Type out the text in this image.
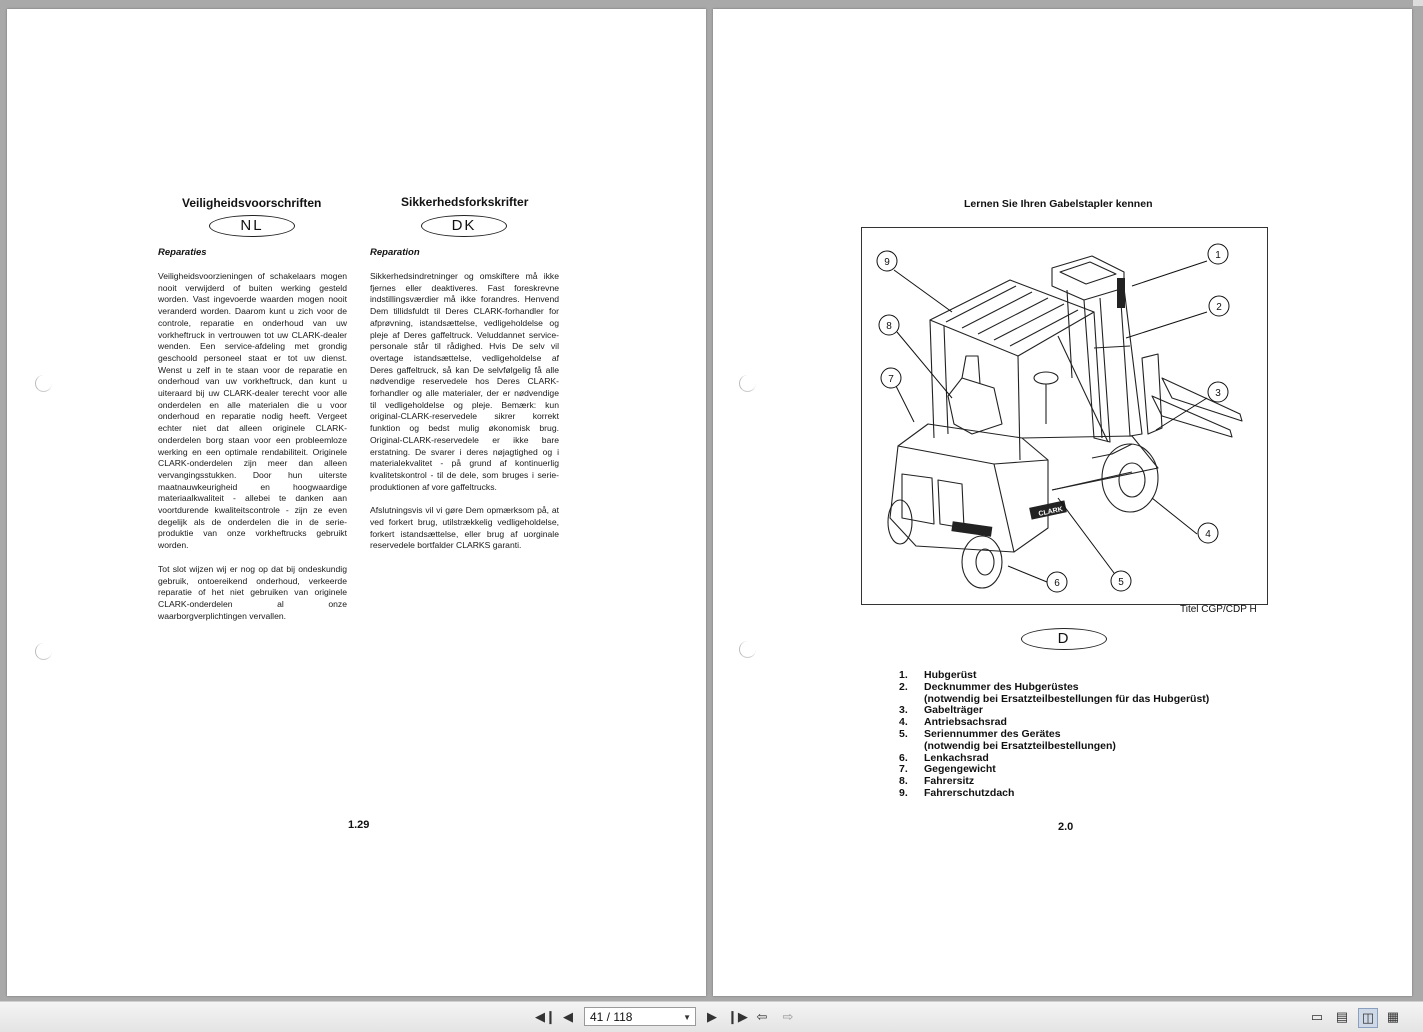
Veiligheidsvoorschriften
NL
Reparaties

Veiligheidsvoorzieningen of schakelaars mogen nooit verwijderd of buiten werking gesteld worden. Vast ingevoerde waarden mogen nooit veranderd worden. Daarom kunt u zich voor de controle, reparatie en onderhoud van uw vorkheftruck in vertrouwen tot uw CLARK-dealer wenden. Een service-afdeling met grondig geschoold personeel staat er tot uw dienst. Wenst u zelf in te staan voor de reparatie en onderhoud van uw vorkheftruck, dan kunt u uiteraard bij uw CLARK-dealer terecht voor alle onderdelen en alle materialen die u voor onderhoud en reparatie nodig heeft. Vergeet echter niet dat alleen originele CLARK-onderdelen borg staan voor een probleemloze werking en een optimale rendabiliteit. Originele CLARK-onderdelen zijn meer dan alleen vervangingsstukken. Door hun uiterste maatnauwkeurigheid en hoogwaardige materiaalkwaliteit - allebei te danken aan voortdurende kwaliteitscontrole - zijn ze even degelijk als de onderdelen die in de serie-produktie van onze vorkheftrucks gebruikt worden.

Tot slot wijzen wij er nog op dat bij ondeskundig gebruik, ontoereikend onderhoud, verkeerde reparatie of het niet gebruiken van originele CLARK-onderdelen al onze waarborgverplichtingen vervallen.

Sikkerhedsforkskrifter
DK
Reparation

Sikkerhedsindretninger og omskiftere må ikke fjernes eller deaktiveres. Fast foreskrevne indstillingsværdier må ikke forandres. Henvend Dem tillidsfuldt til Deres CLARK-forhandler for afprøvning, istandsættelse, vedligeholdelse og pleje af Deres gaffeltruck. Veluddannet service-personale står til rådighed. Hvis De selv vil overtage istandsættelse, vedligeholdelse af Deres gaffeltruck, så kan De selvfølgelig få alle nødvendige reservedele hos Deres CLARK-forhandler og alle materialer, der er nødvendige til vedligeholdelse og pleje. Bemærk: kun original-CLARK-reservedele sikrer korrekt funktion og bedst mulig økonomisk brug. Original-CLARK-reservedele er ikke bare erstatning. De svarer i deres nøjagtighed og i materialekvalitet - på grund af kontinuerlig kvalitetskontrol - til de dele, som bruges i serie-produktionen af vore gaffeltrucks.

Afslutningsvis vil vi gøre Dem opmærksom på, at ved forkert brug, utilstrækkelig vedligeholdelse, forkert istandsættelse, eller brug af uorginale reservedele bortfalder CLARKS garanti.

1.29
Lernen Sie Ihren Gabelstapler kennen
CLARK
1
2
3
4
5
6
7
8
9
Titel CGP/CDP H
D
1.	Hubgerüst
2.	Decknummer des Hubgerüstes
(notwendig bei Ersatzteilbestellungen für das Hubgerüst)
3.	Gabelträger
4.	Antriebsachsrad
5.	Seriennummer des Gerätes
(notwendig bei Ersatzteilbestellungen)
6.	Lenkachsrad
7.	Gegengewicht
8.	Fahrersitz
9.	Fahrerschutzdach
2.0
◀❙ ◀	41 / 118	▼	▶ ❙▶ ⇦ ⇨	▭ ▤ ◫ ▦
